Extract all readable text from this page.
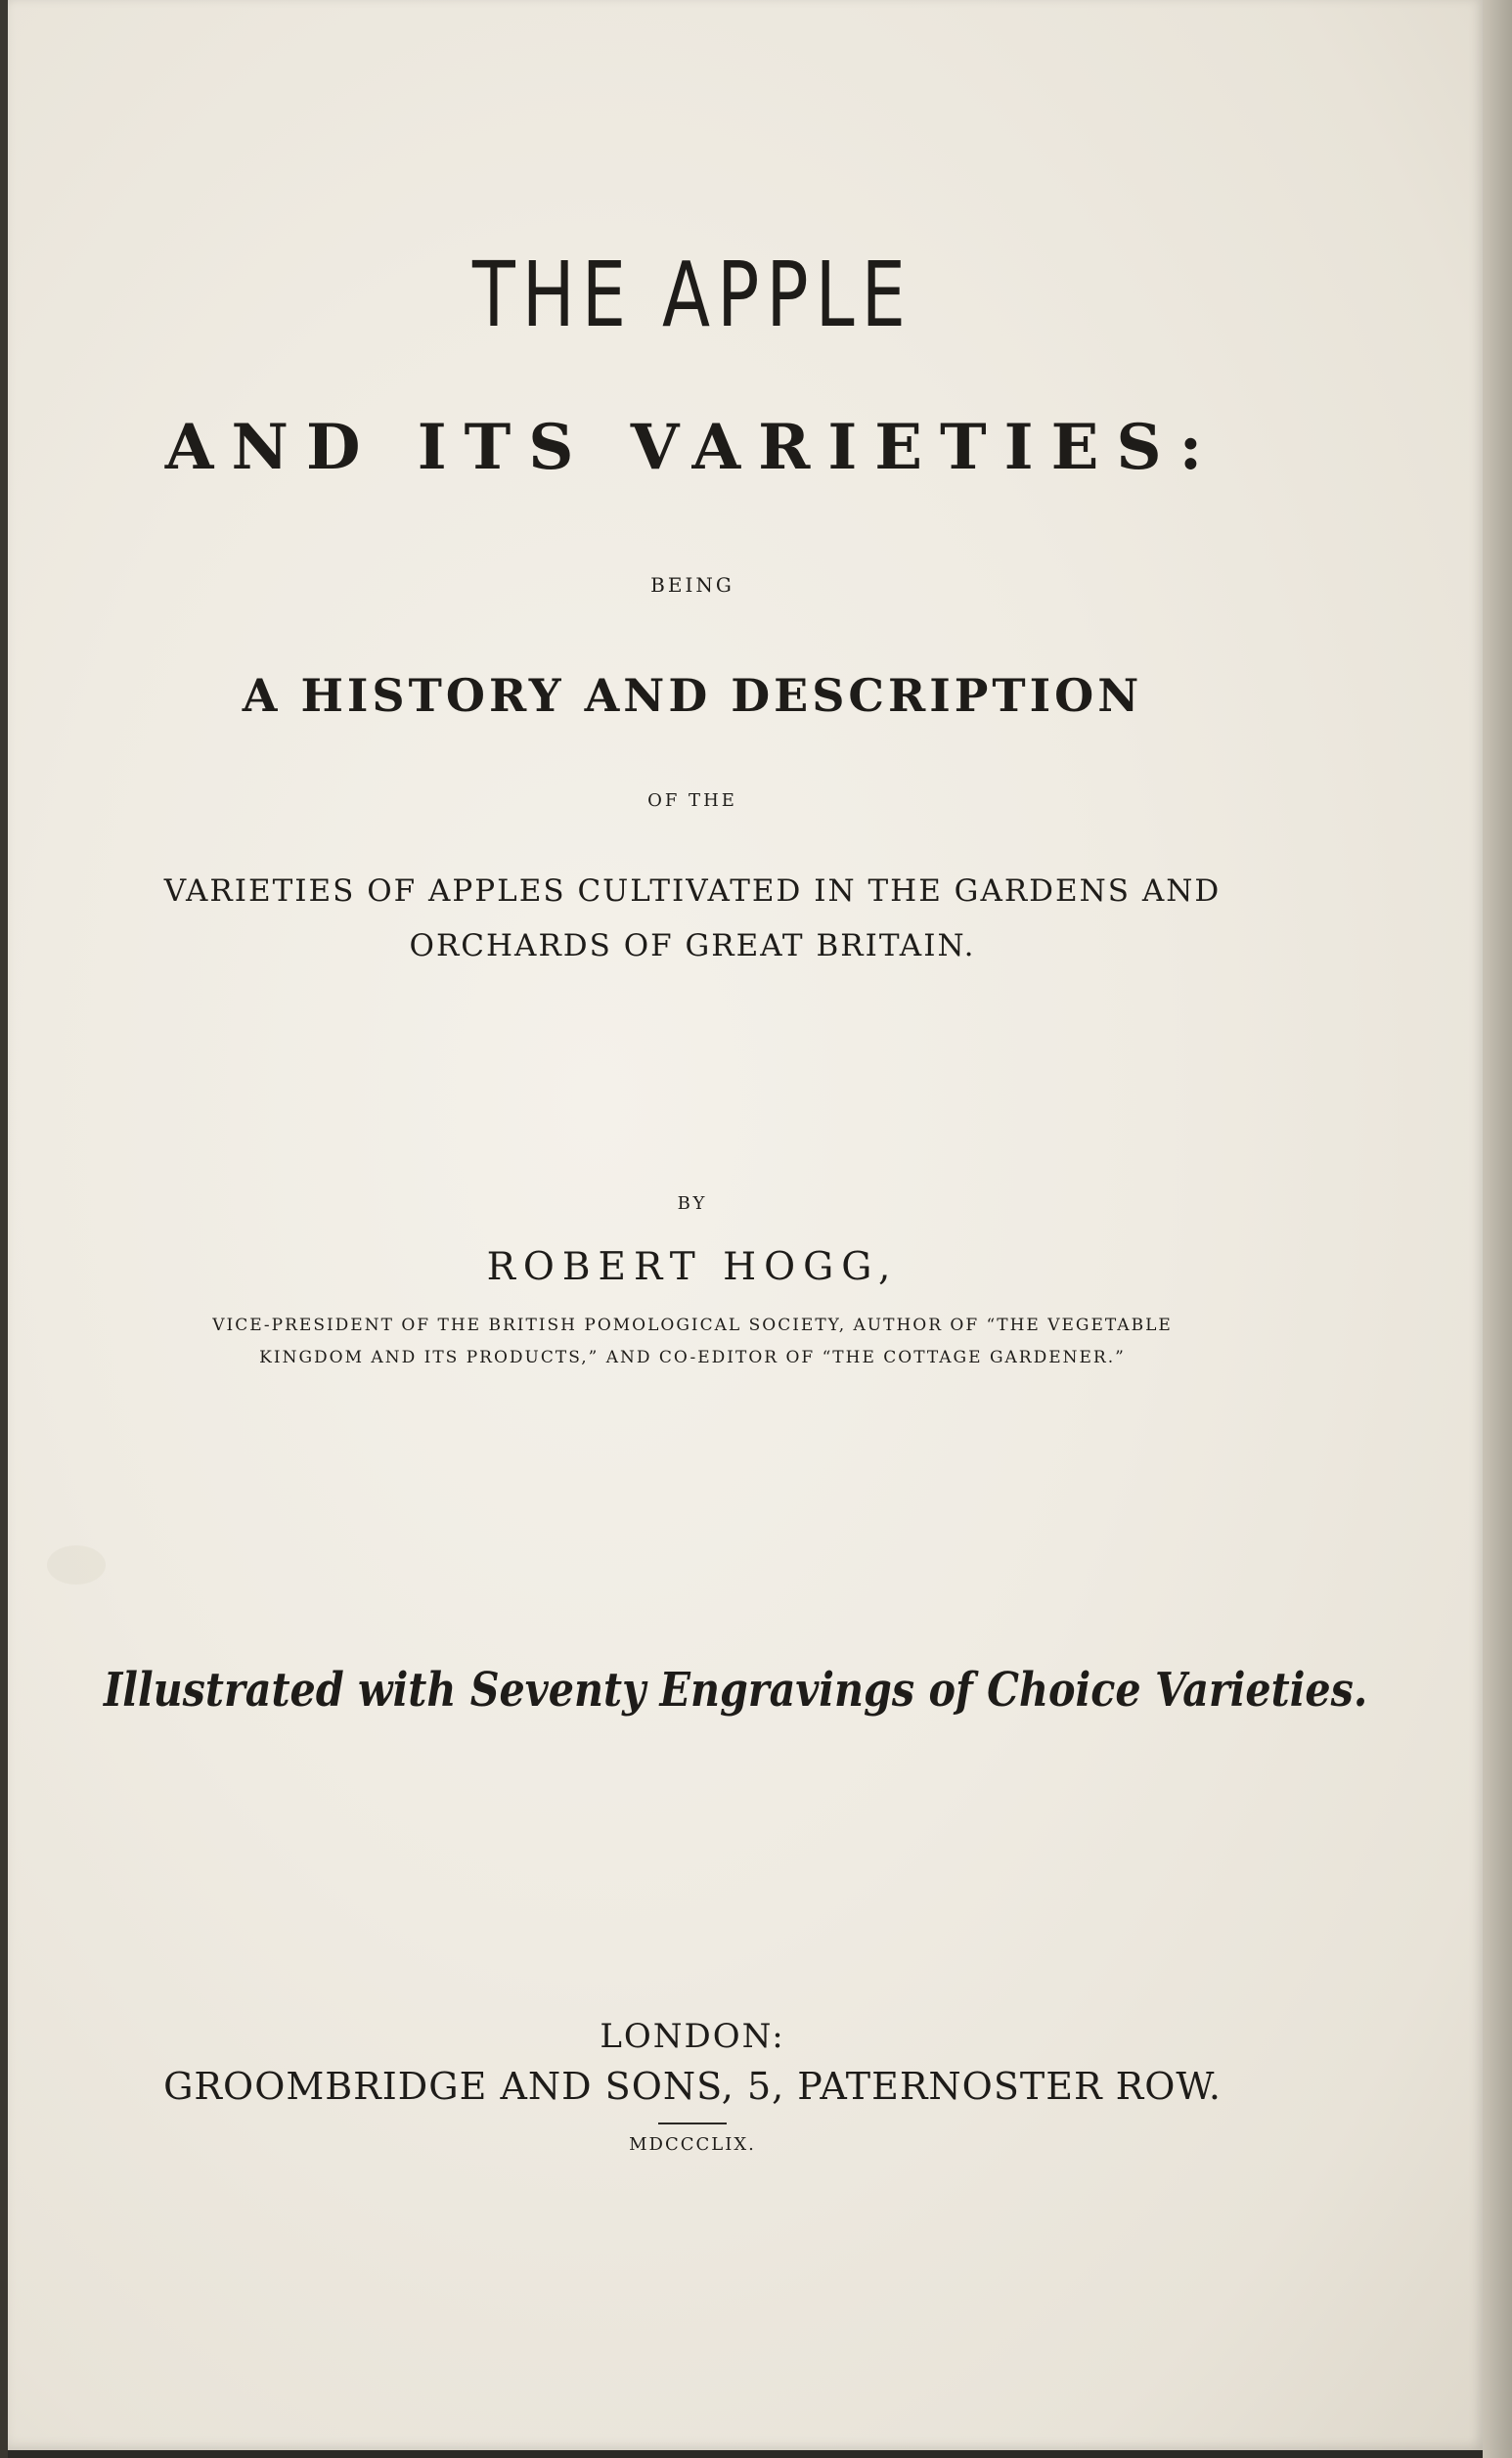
THE APPLE
AND ITS VARIETIES:
BEING
A HISTORY AND DESCRIPTION
OF THE
VARIETIES OF APPLES CULTIVATED IN THE GARDENS AND
ORCHARDS OF GREAT BRITAIN.
BY
ROBERT HOGG,
VICE-PRESIDENT OF THE BRITISH POMOLOGICAL SOCIETY, AUTHOR OF “THE VEGETABLE
KINGDOM AND ITS PRODUCTS,” AND CO-EDITOR OF “THE COTTAGE GARDENER.”
Illustrated with Seventy Engravings of Choice Varieties.
LONDON:
GROOMBRIDGE AND SONS, 5, PATERNOSTER ROW.
MDCCCLIX.
